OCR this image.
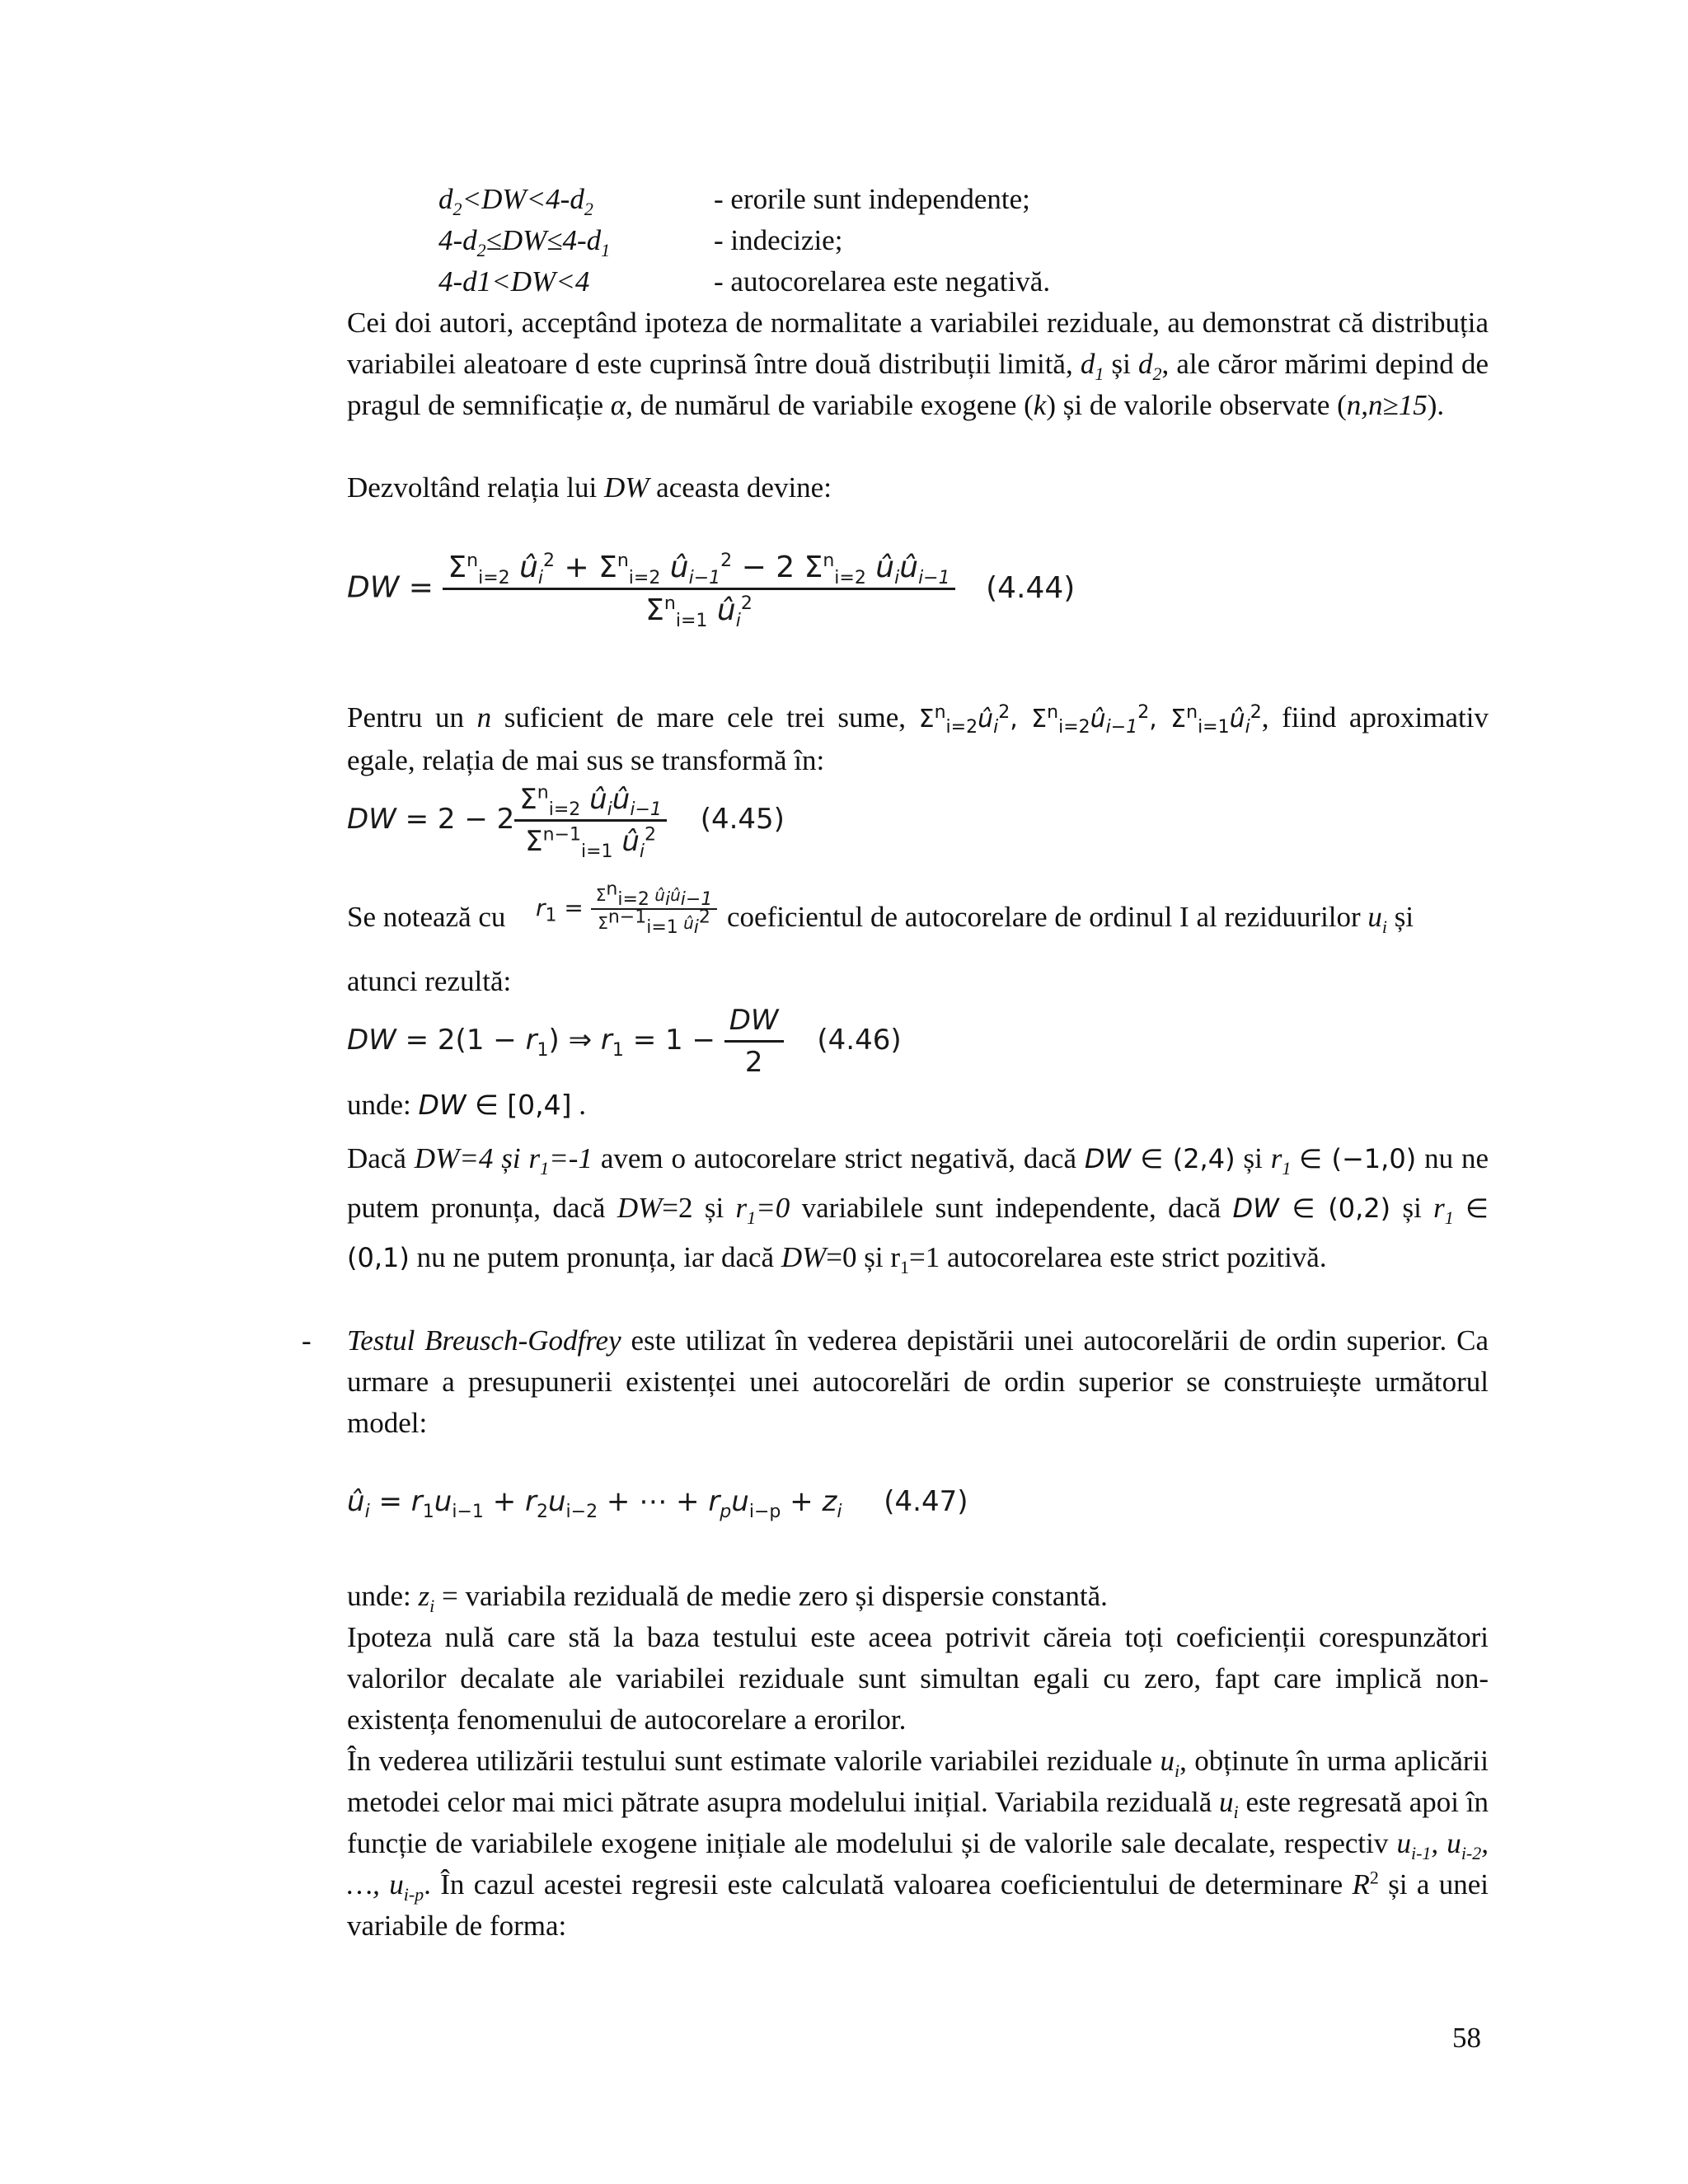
$d_2<DW<4-d_2$	- erorile sunt independente;
$4-d_2\le DW\le 4-d_1$	- indecizie;
4-d1<DW<4	- autocorelarea este negativă.
Cei doi autori, acceptând ipoteza de normalitate a variabilei reziduale, au demonstrat că distribuția variabilei aleatoare d este cuprinsă între două distribuții limită, $d_1$ și $d_2$, ale căror mărimi depind de pragul de semnificație α, de numărul de variabile exogene (k) și de valorile observate (n,n≥15).
Dezvoltând relația lui DW aceasta devine:
DW = $\frac{\Sigma^n_{i=2} û_i^2 + \Sigma^n_{i=2} û_{i-1}^2 - 2 \Sigma^n_{i=2} û_iû_{i-1}}{\Sigma^n_{i=1} û_i^2} (4.44)$
Pentru un n suficient de mare cele trei sume, $\Sigma^n_{i=2}û_i^2$, $\Sigma^n_{i=2}û_{i-1}^2$, $\Sigma^n_{i=1}û_i^2$, fiind aproximativ egale, relația de mai sus se transformă în:
DW = $2 - 2 \frac{\Sigma^n_{i=2} û_iû_{i-1}}{\Sigma^{n-1}_{i=1} û_i^2} (4.45)$
Se notează cu $r_1 = \frac{\Sigma^n_{i=2} û_iû_{i-1}}{\Sigma^{n-1}_{i=1} û_i^2}$ coeficientul de autocorelare de ordinul I al reziduurilor $u_i$ și
atunci rezultă:
DW = $2(1 - r_1)$ ⇒ $r_1 = 1 - \frac{DW}{2} (4.46)$
unde: DW ∈ [0,4] .
Dacă DW=4 și $r_1=-1$ avem o autocorelare strict negativă, dacă DW ∈ (2,4) și $r_1$ ∈ (−1,0) nu ne putem pronunța, dacă DW=2 și $r_1=0$ variabilele sunt independente, dacă DW ∈ (0,2) și $r_1$ ∈ (0,1) nu ne putem pronunța, iar dacă DW=0 și $r_1=1$ autocorelarea este strict pozitivă.
- Testul Breusch-Godfrey este utilizat în vederea depistării unei autocorelării de ordin superior. Ca urmare a presupunerii existenței unei autocorelări de ordin superior se construiește următorul model:
$û_i = r_1u_{i-1} + r_2u_{i-2}$ + ⋯ + $r_pu_{i-p} + z_i$ (4.47)
unde: $z_i$ = variabila reziduală de medie zero și dispersie constantă.
Ipoteza nulă care stă la baza testului este aceea potrivit căreia toți coeficienții corespunzători valorilor decalate ale variabilei reziduale sunt simultan egali cu zero, fapt care implică non-existența fenomenului de autocorelare a erorilor.
În vederea utilizării testului sunt estimate valorile variabilei reziduale $u_i$, obținute în urma aplicării metodei celor mai mici pătrate asupra modelului inițial. Variabila reziduală $u_i$ este regresată apoi în funcție de variabilele exogene inițiale ale modelului și de valorile sale decalate, respectiv $u_{i-1}$, $u_{i-2}$, …, $u_{i-p}$. În cazul acestei regresii este calculată valoarea coeficientului de determinare $R^2$ și a unei variabile de forma:
58
